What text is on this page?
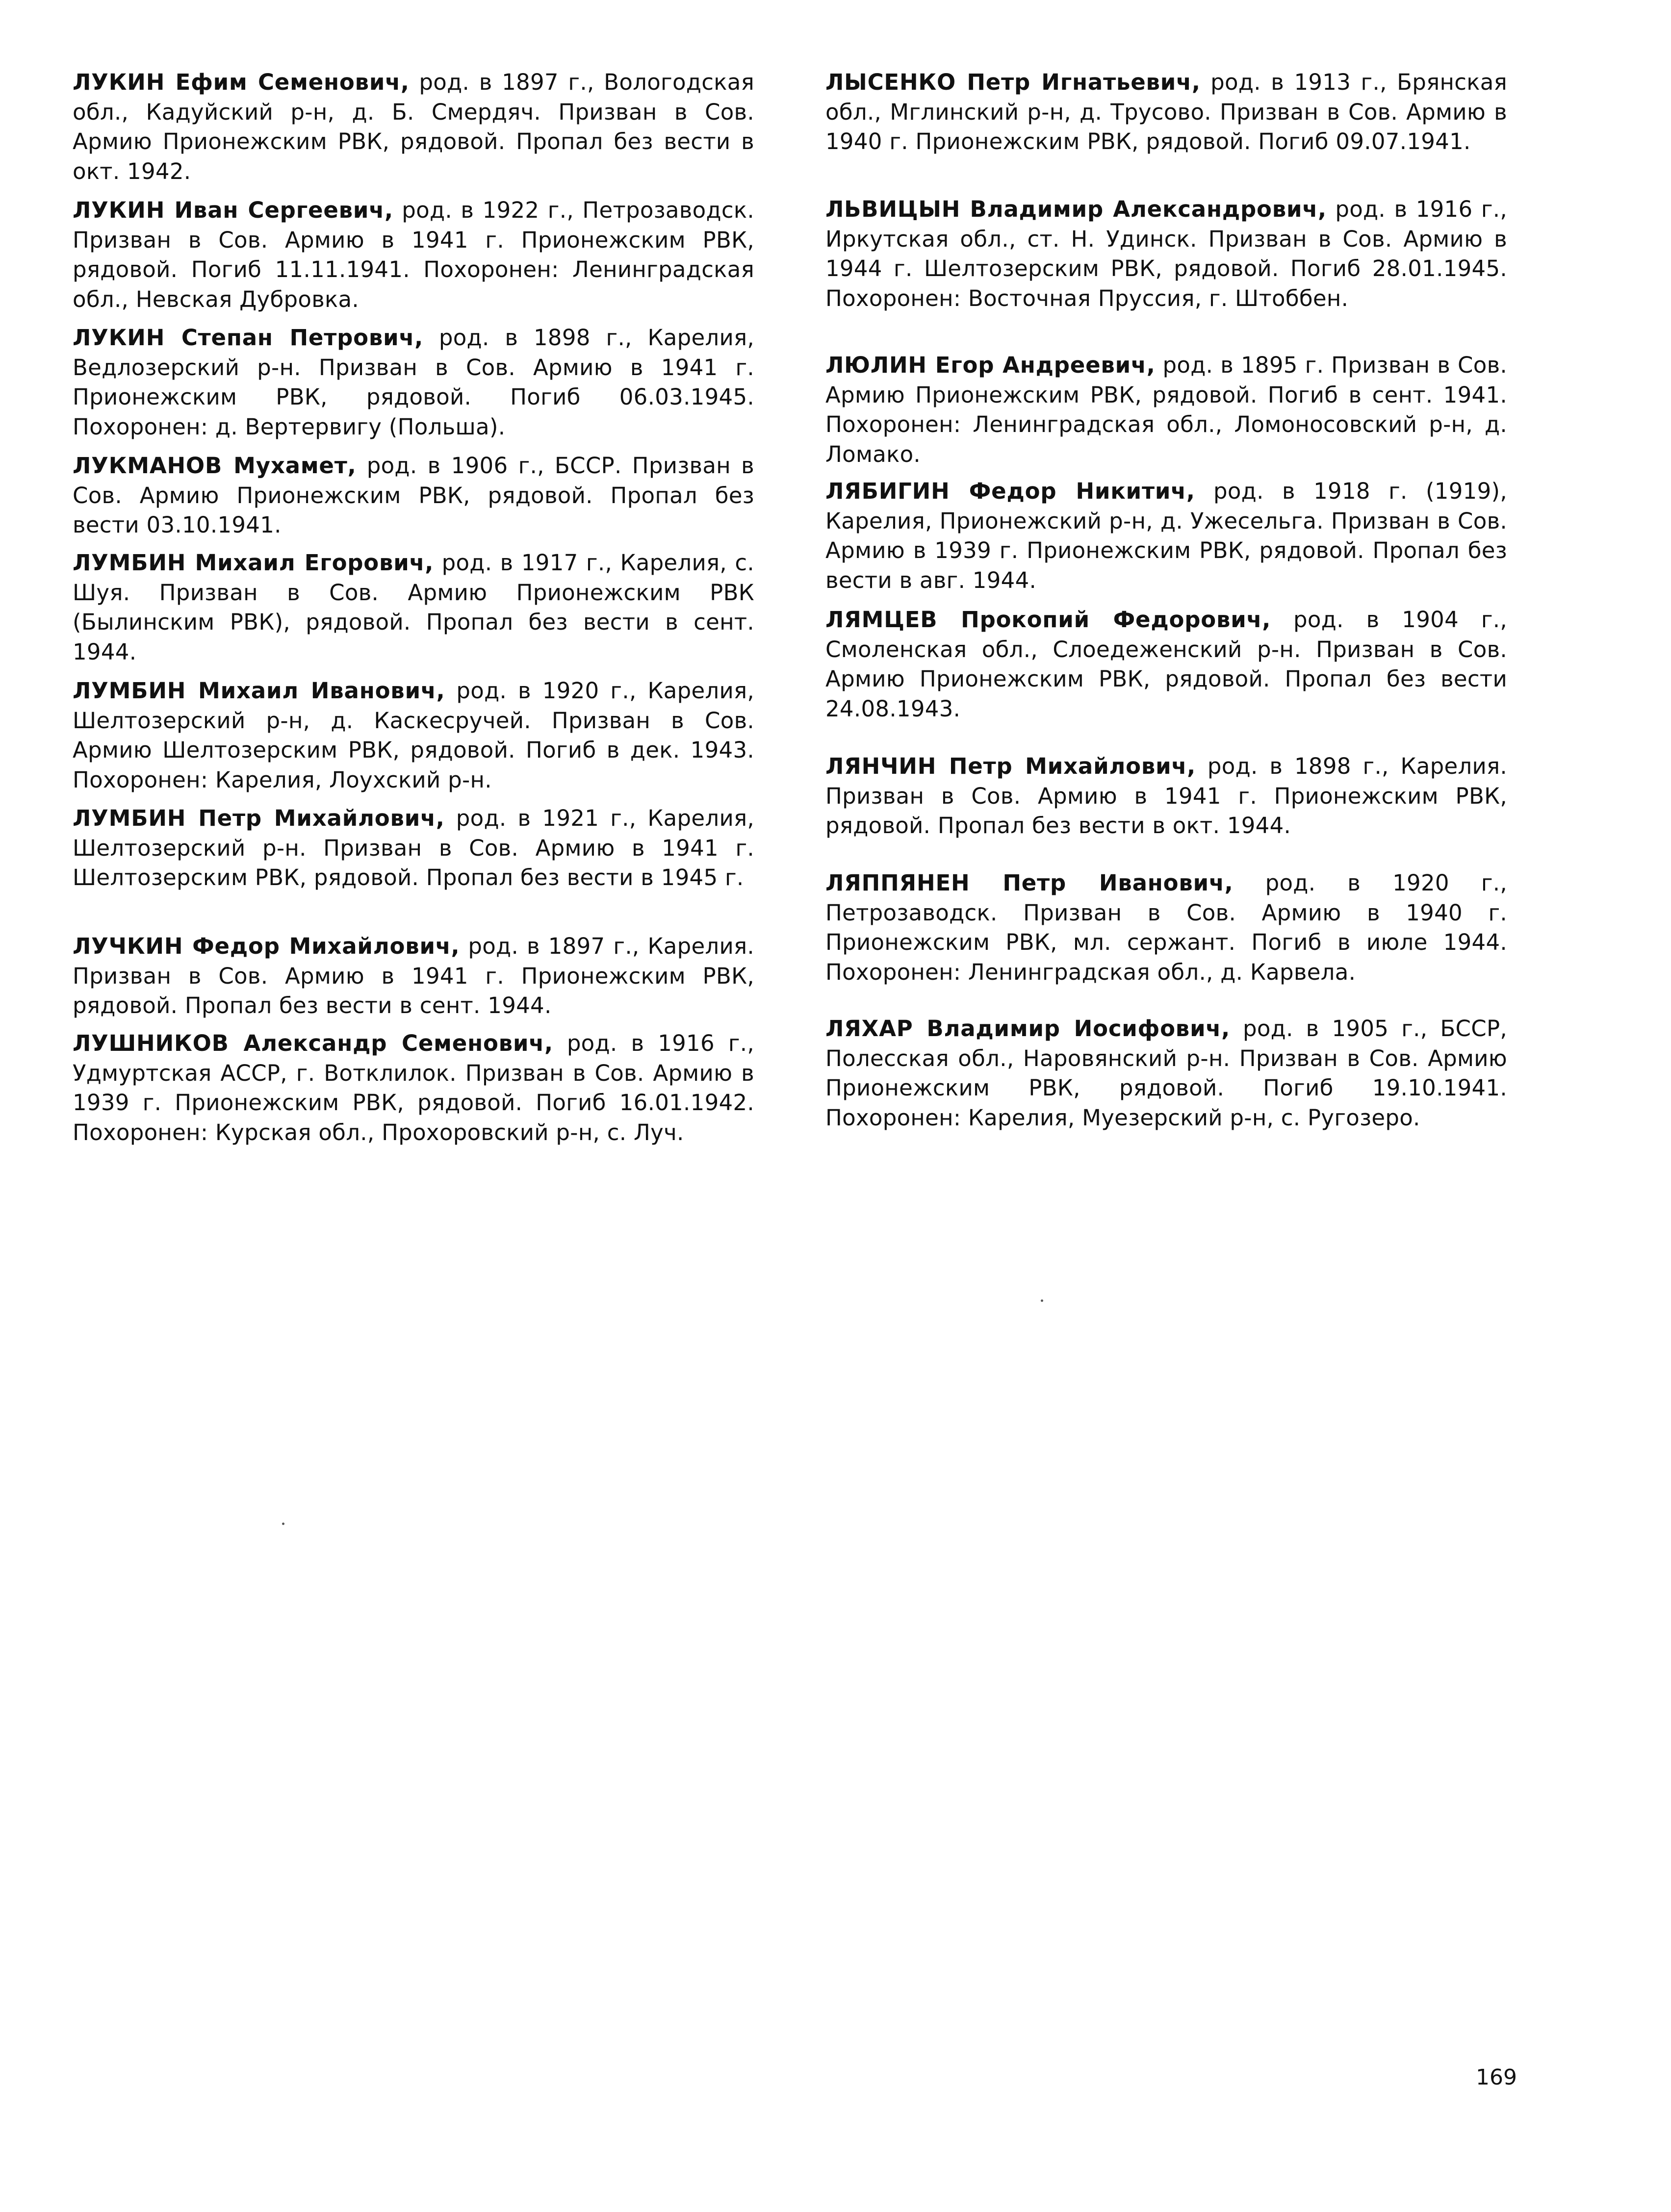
ЛУКИН Ефим Семенович, род. в 1897 г., Вологодская обл., Кадуйский р-н, д. Б. Смердяч. Призван в Сов. Армию Прионежским РВК, рядовой. Пропал без вести в окт. 1942.

ЛУКИН Иван Сергеевич, род. в 1922 г., Петрозаводск. Призван в Сов. Армию в 1941 г. Прионежским РВК, рядовой. Погиб 11.11.1941. Похоронен: Ленинградская обл., Невская Дубровка.

ЛУКИН Степан Петрович, род. в 1898 г., Карелия, Ведлозерский р-н. Призван в Сов. Армию в 1941 г. Прионежским РВК, рядовой. Погиб 06.03.1945. Похоронен: д. Вертервигу (Польша).

ЛУКМАНОВ Мухамет, род. в 1906 г., БССР. Призван в Сов. Армию Прионежским РВК, рядовой. Пропал без вести 03.10.1941.

ЛУМБИН Михаил Егорович, род. в 1917 г., Карелия, с. Шуя. Призван в Сов. Армию Прионежским РВК (Былинским РВК), рядовой. Пропал без вести в сент. 1944.

ЛУМБИН Михаил Иванович, род. в 1920 г., Карелия, Шелтозерский р-н, д. Каскесручей. Призван в Сов. Армию Шелтозерским РВК, рядовой. Погиб в дек. 1943. Похоронен: Карелия, Лоухский р-н.

ЛУМБИН Петр Михайлович, род. в 1921 г., Карелия, Шелтозерский р-н. Призван в Сов. Армию в 1941 г. Шелтозерским РВК, рядовой. Пропал без вести в 1945 г.

ЛУЧКИН Федор Михайлович, род. в 1897 г., Карелия. Призван в Сов. Армию в 1941 г. Прионежским РВК, рядовой. Пропал без вести в сент. 1944.

ЛУШНИКОВ Александр Семенович, род. в 1916 г., Удмуртская АССР, г. Вотклилок. Призван в Сов. Армию в 1939 г. Прионежским РВК, рядовой. Погиб 16.01.1942. Похоронен: Курская обл., Прохоровский р-н, с. Луч.

ЛЫСЕНКО Петр Игнатьевич, род. в 1913 г., Брянская обл., Мглинский р-н, д. Трусово. Призван в Сов. Армию в 1940 г. Прионежским РВК, рядовой. Погиб 09.07.1941.

ЛЬВИЦЫН Владимир Александрович, род. в 1916 г., Иркутская обл., ст. Н. Удинск. Призван в Сов. Армию в 1944 г. Шелтозерским РВК, рядовой. Погиб 28.01.1945. Похоронен: Восточная Пруссия, г. Штоббен.

ЛЮЛИН Егор Андреевич, род. в 1895 г. Призван в Сов. Армию Прионежским РВК, рядовой. Погиб в сент. 1941. Похоронен: Ленинградская обл., Ломоносовский р-н, д. Ломако.

ЛЯБИГИН Федор Никитич, род. в 1918 г. (1919), Карелия, Прионежский р-н, д. Ужесельга. Призван в Сов. Армию в 1939 г. Прионежским РВК, рядовой. Пропал без вести в авг. 1944.

ЛЯМЦЕВ Прокопий Федорович, род. в 1904 г., Смоленская обл., Слоедеженский р-н. Призван в Сов. Армию Прионежским РВК, рядовой. Пропал без вести 24.08.1943.

ЛЯНЧИН Петр Михайлович, род. в 1898 г., Карелия. Призван в Сов. Армию в 1941 г. Прионежским РВК, рядовой. Пропал без вести в окт. 1944.

ЛЯППЯНЕН Петр Иванович, род. в 1920 г., Петрозаводск. Призван в Сов. Армию в 1940 г. Прионежским РВК, мл. сержант. Погиб в июле 1944. Похоронен: Ленинградская обл., д. Карвела.

ЛЯХАР Владимир Иосифович, род. в 1905 г., БССР, Полесская обл., Наровянский р-н. Призван в Сов. Армию Прионежским РВК, рядовой. Погиб 19.10.1941. Похоронен: Карелия, Муезерский р-н, с. Ругозеро.

169
